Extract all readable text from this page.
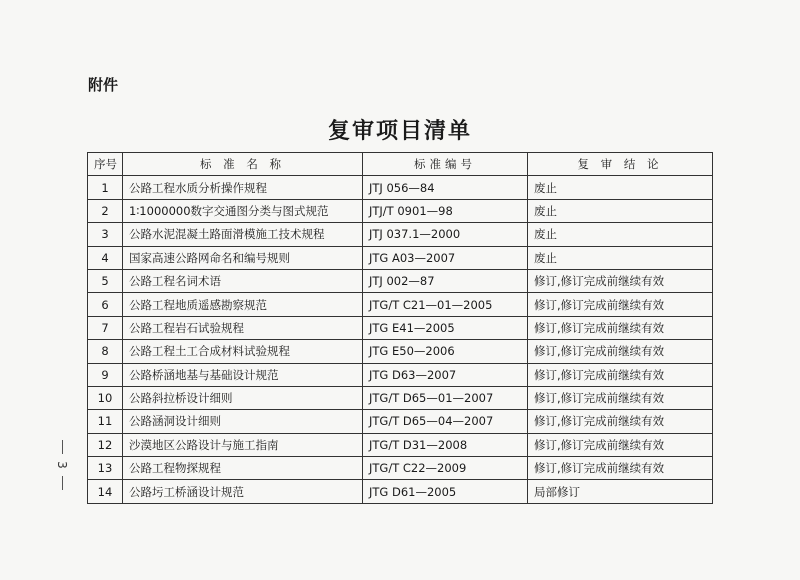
附件
复审项目清单
3
序号	标 准 名 称	标准编号	复 审 结 论
1	公路工程水质分析操作规程	JTJ 056—84	废止
2	1∶1000000数字交通图分类与图式规范	JTJ/T 0901—98	废止
3	公路水泥混凝土路面滑模施工技术规程	JTJ 037.1—2000	废止
4	国家高速公路网命名和编号规则	JTG A03—2007	废止
5	公路工程名词术语	JTJ 002—87	修订,修订完成前继续有效
6	公路工程地质遥感勘察规范	JTG/T C21—01—2005	修订,修订完成前继续有效
7	公路工程岩石试验规程	JTG E41—2005	修订,修订完成前继续有效
8	公路工程土工合成材料试验规程	JTG E50—2006	修订,修订完成前继续有效
9	公路桥涵地基与基础设计规范	JTG D63—2007	修订,修订完成前继续有效
10	公路斜拉桥设计细则	JTG/T D65—01—2007	修订,修订完成前继续有效
11	公路涵洞设计细则	JTG/T D65—04—2007	修订,修订完成前继续有效
12	沙漠地区公路设计与施工指南	JTG/T D31—2008	修订,修订完成前继续有效
13	公路工程物探规程	JTG/T C22—2009	修订,修订完成前继续有效
14	公路圬工桥涵设计规范	JTG D61—2005	局部修订
